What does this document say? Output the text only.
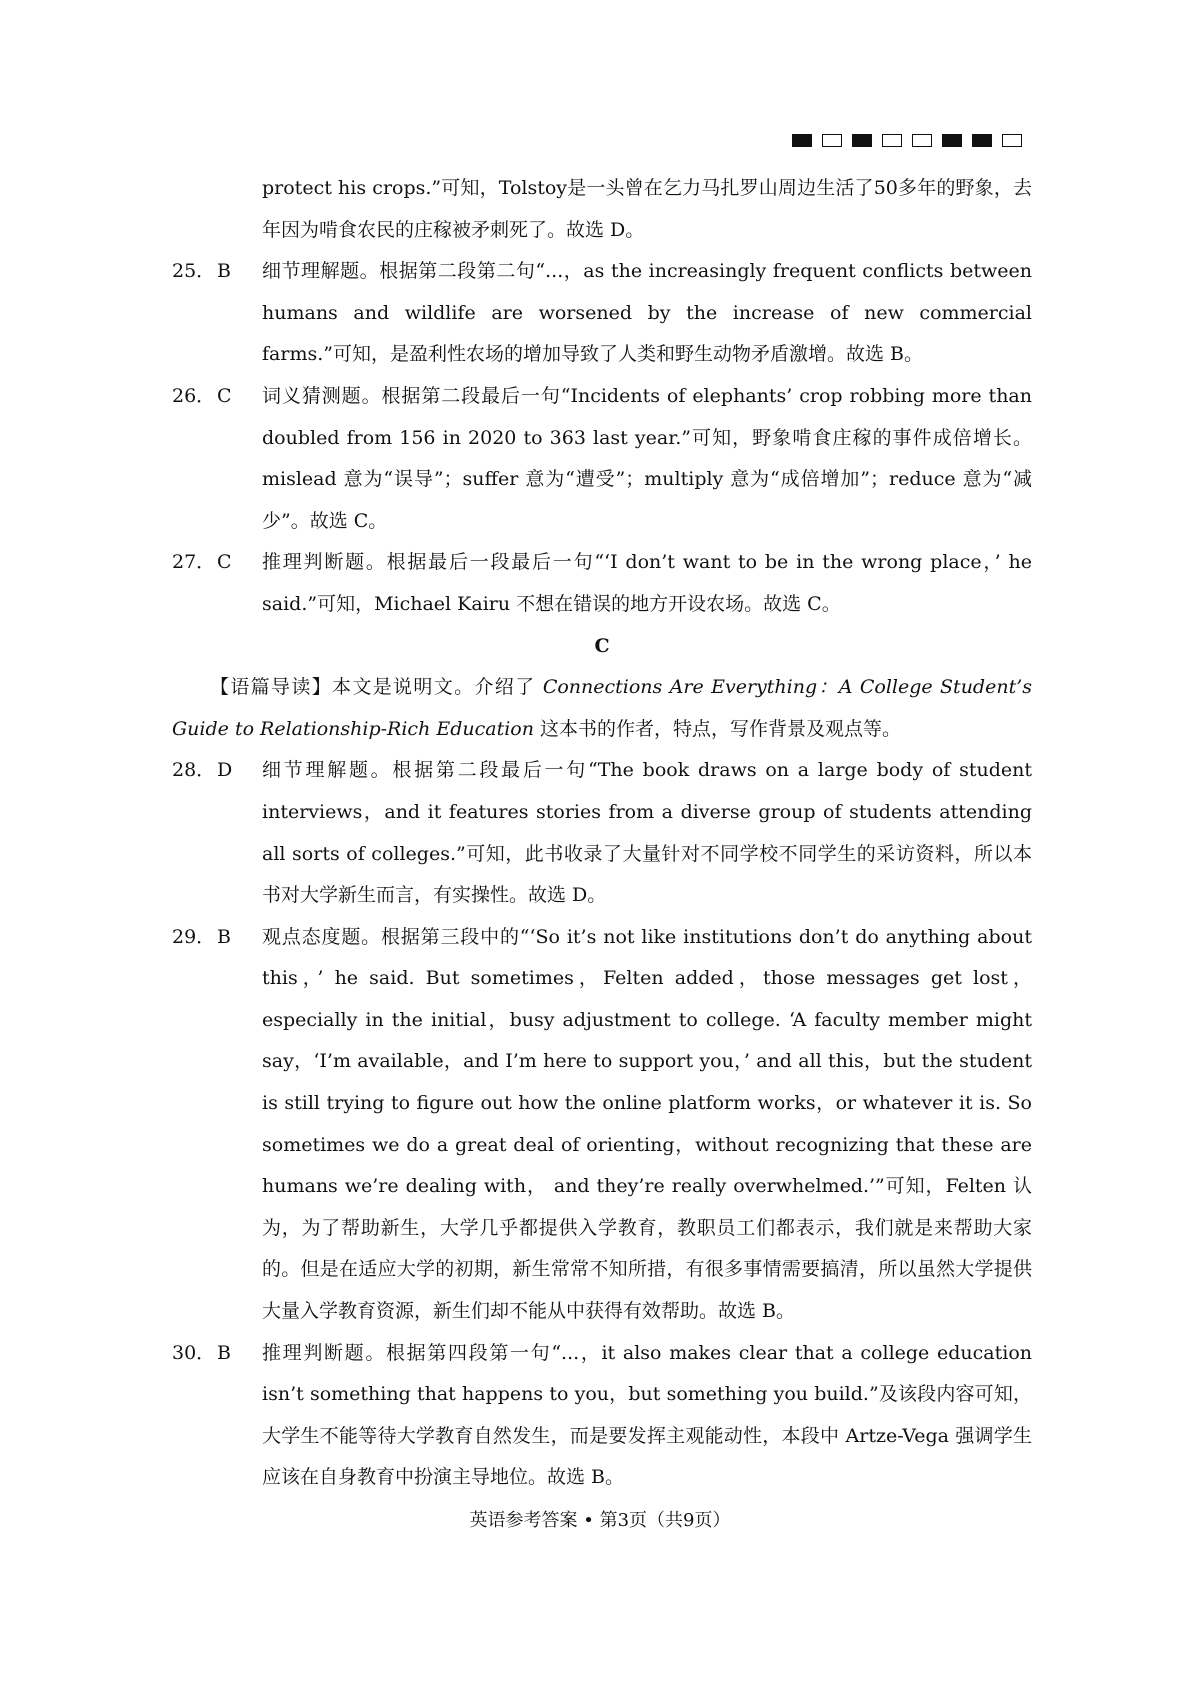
protect his crops.”可知，Tolstoy是一头曾在乞力马扎罗山周边生活了50多年的野象，去年因为啃食农民的庄稼被矛刺死了。故选 D。

25． B	细节理解题。根据第二段第二句“...，as the increasingly frequent conflicts between humans and wildlife are worsened by the increase of new commercial farms.”可知，是盈利性农场的增加导致了人类和野生动物矛盾激增。故选 B。
26． C	词义猜测题。根据第二段最后一句“Incidents of elephants’ crop robbing more than doubled from 156 in 2020 to 363 last year.”可知，野象啃食庄稼的事件成倍增长。mislead 意为“误导”；suffer 意为“遭受”；multiply 意为“成倍增加”；reduce 意为“减少”。故选 C。
27． C	推理判断题。根据最后一段最后一句“‘I don’t want to be in the wrong place，’ he said.”可知，Michael Kairu 不想在错误的地方开设农场。故选 C。
C

【语篇导读】本文是说明文。介绍了 Connections Are Everything：A College Student’s Guide to Relationship-Rich Education 这本书的作者，特点，写作背景及观点等。

28． D	细节理解题。根据第二段最后一句“The book draws on a large body of student interviews，and it features stories from a diverse group of students attending all sorts of colleges.”可知，此书收录了大量针对不同学校不同学生的采访资料，所以本书对大学新生而言，有实操性。故选 D。
29． B	观点态度题。根据第三段中的“‘So it’s not like institutions don’t do anything about this，’ he said. But sometimes，Felten added，those messages get lost，especially in the initial，busy adjustment to college. ‘A faculty member might say，‘I’m available，and I’m here to support you，’ and all this，but the student is still trying to figure out how the online platform works，or whatever it is. So sometimes we do a great deal of orienting，without recognizing that these are humans we’re dealing with， and they’re really overwhelmed.’”可知，Felten 认为，为了帮助新生，大学几乎都提供入学教育，教职员工们都表示，我们就是来帮助大家的。但是在适应大学的初期，新生常常不知所措，有很多事情需要搞清，所以虽然大学提供大量入学教育资源，新生们却不能从中获得有效帮助。故选 B。
30． B	推理判断题。根据第四段第一句“...，it also makes clear that a college education isn’t something that happens to you，but something you build.”及该段内容可知，大学生不能等待大学教育自然发生，而是要发挥主观能动性，本段中 Artze-Vega 强调学生应该在自身教育中扮演主导地位。故选 B。
英语参考答案 • 第3页（共9页）
